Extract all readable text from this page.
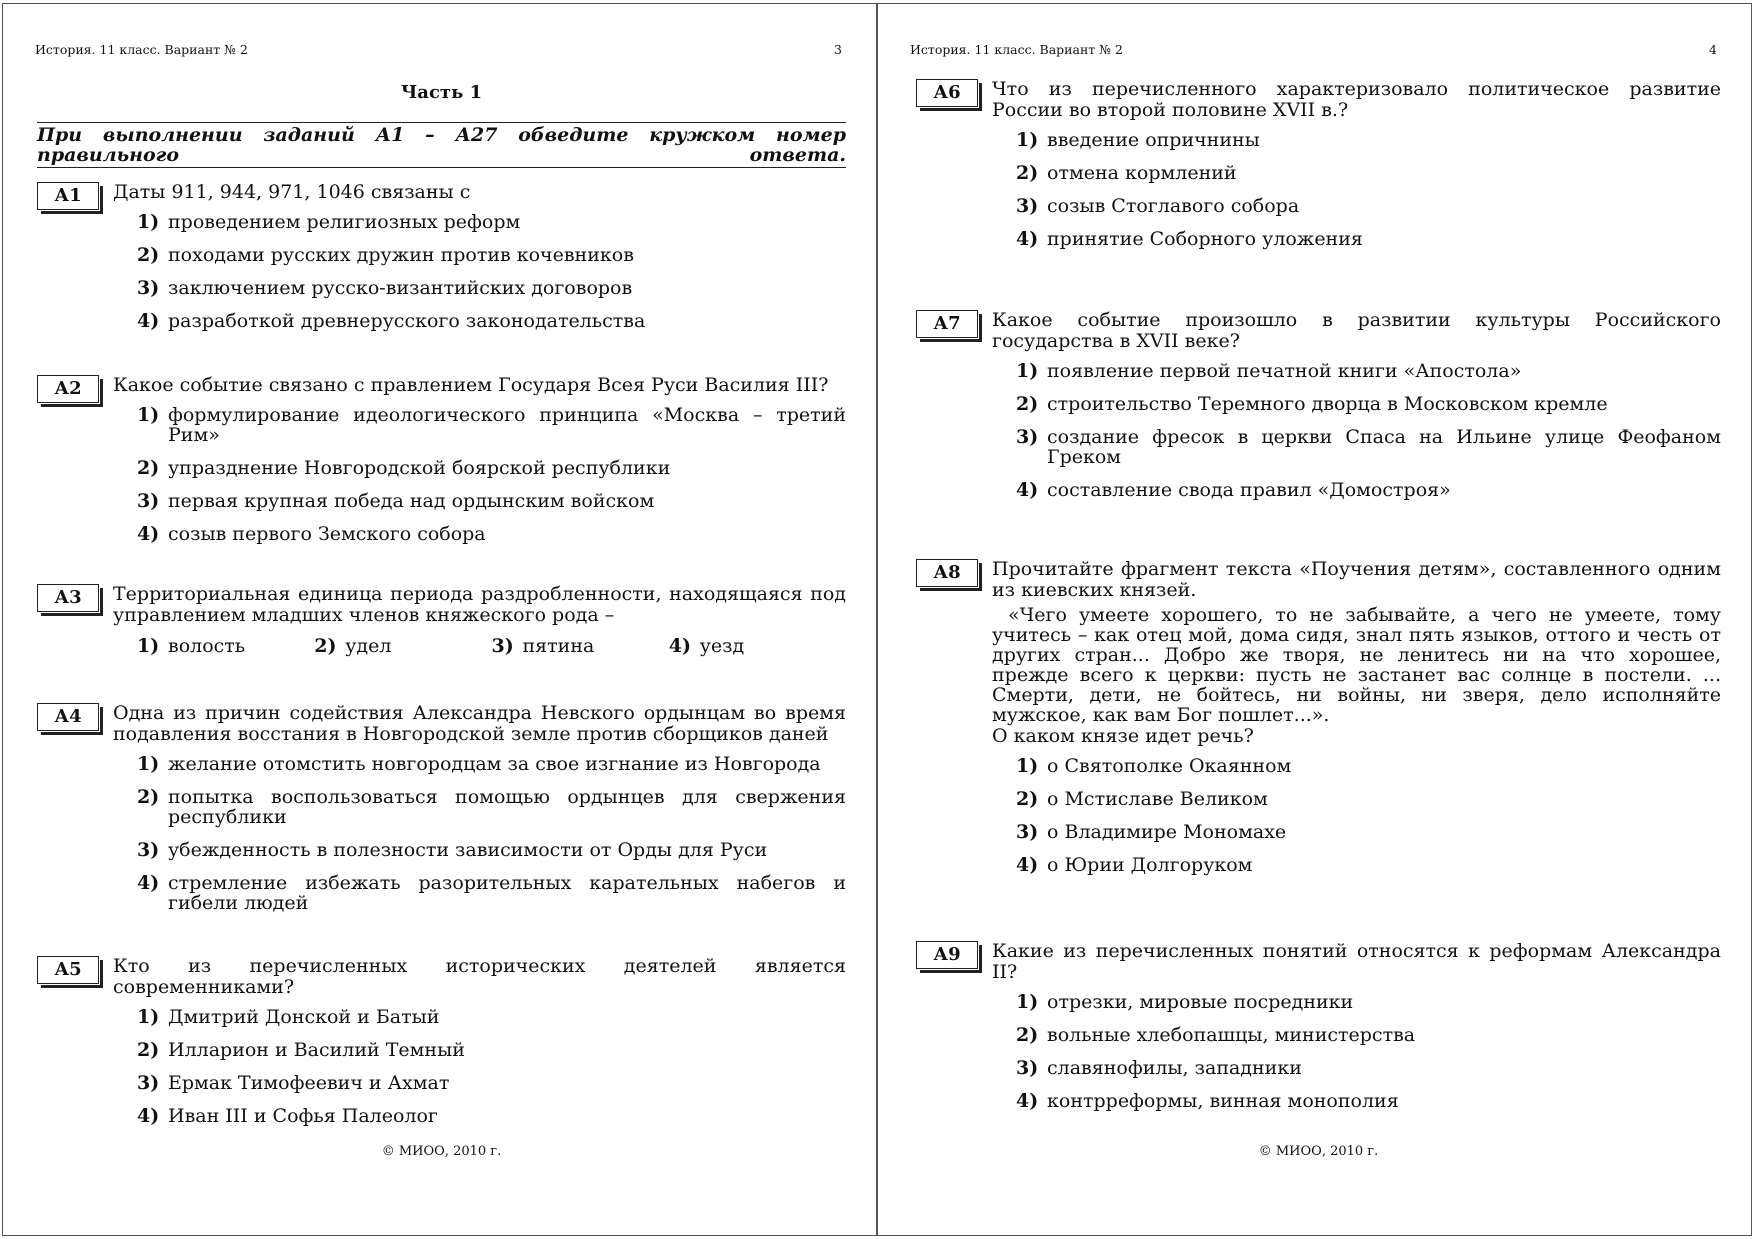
История. 11 класс. Вариант № 2	3
Часть 1
При выполнении заданий А1 – А27 обведите кружком номер правильного ответа.
А1	Даты 911, 944, 971, 1046 связаны с
1) проведением религиозных реформ
2) походами русских дружин против кочевников
3) заключением русско-византийских договоров
4) разработкой древнерусского законодательства
А2	Какое событие связано с правлением Государя Всея Руси Василия III?
1) формулирование идеологического принципа «Москва – третий Рим»
2) упразднение Новгородской боярской республики
3) первая крупная победа над ордынским войском
4) созыв первого Земского собора
А3	Территориальная единица периода раздробленности, находящаяся под управлением младших членов княжеского рода –
1) волость	2) удел	3) пятина	4) уезд
А4	Одна из причин содействия Александра Невского ордынцам во время подавления восстания в Новгородской земле против сборщиков даней
1) желание отомстить новгородцам за свое изгнание из Новгорода
2) попытка воспользоваться помощью ордынцев для свержения республики
3) убежденность в полезности зависимости от Орды для Руси
4) стремление избежать разорительных карательных набегов и гибели людей
А5	Кто из перечисленных исторических деятелей является современниками?
1) Дмитрий Донской и Батый
2) Илларион и Василий Темный
3) Ермак Тимофеевич и Ахмат
4) Иван III и Софья Палеолог
© МИОО, 2010 г.
История. 11 класс. Вариант № 2	4
А6	Что из перечисленного характеризовало политическое развитие России во второй половине XVII в.?
1) введение опричнины
2) отмена кормлений
3) созыв Стоглавого собора
4) принятие Соборного уложения
А7	Какое событие произошло в развитии культуры Российского государства в XVII веке?
1) появление первой печатной книги «Апостола»
2) строительство Теремного дворца в Московском кремле
3) создание фресок в церкви Спаса на Ильине улице Феофаном Греком
4) составление свода правил «Домостроя»
А8	Прочитайте фрагмент текста «Поучения детям», составленного одним из киевских князей.
«Чего умеете хорошего, то не забывайте, а чего не умеете, тому учитесь – как отец мой, дома сидя, знал пять языков, оттого и честь от других стран... Добро же творя, не ленитесь ни на что хорошее, прежде всего к церкви: пусть не застанет вас солнце в постели. ... Смерти, дети, не бойтесь, ни войны, ни зверя, дело исполняйте мужское, как вам Бог пошлет...».
О каком князе идет речь?
1) о Святополке Окаянном
2) о Мстиславе Великом
3) о Владимире Мономахе
4) о Юрии Долгоруком
А9	Какие из перечисленных понятий относятся к реформам Александра II?
1) отрезки, мировые посредники
2) вольные хлебопашцы, министерства
3) славянофилы, западники
4) контрреформы, винная монополия
© МИОО, 2010 г.
